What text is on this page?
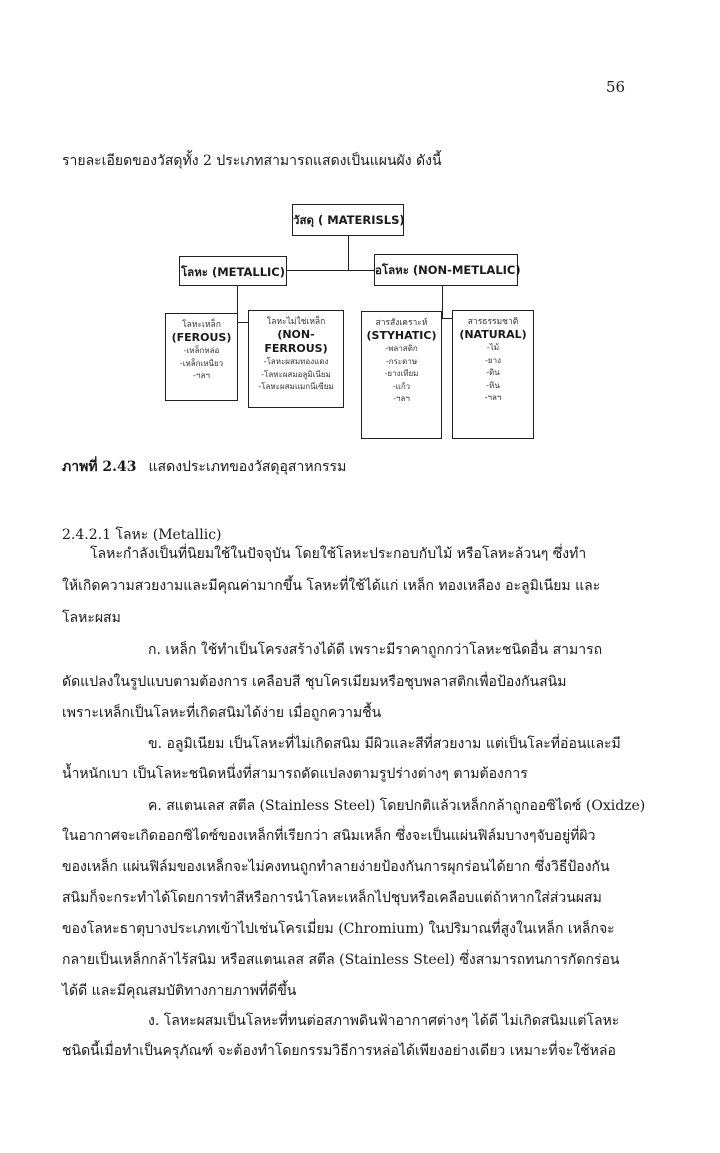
56
รายละเอียดของวัสดุทั้ง 2 ประเภทสามารถแสดงเป็นแผนผัง ดังนี้
วัสดุ ( MATERISLS)
โลหะ (METALLIC)	อโลหะ (NON-METLALIC)
โลหะเหล็ก
(FEROUS)
-เหล็กหล่อ
-เหล็กเหนียว
-ฯลฯ
โลหะไม่ใช่เหล็ก
(NON-FERROUS)
-โลหะผสมทองแดง
-โลหะผสมอลูมิเนียม
-โลหะผสมแมกนีเซียม
สารสังเคราะห์
(STYHATIC)
-พลาสติก
-กระดาษ
-ยางเทียม
-แก้ว
-ฯลฯ
สารธรรมชาติ
(NATURAL)
-ไม้
-ยาง
-ดิน
-หิน
-ฯลฯ
ภาพที่ 2.43 แสดงประเภทของวัสดุอุสาหกรรม
2.4.2.1 โลหะ (Metallic)
โลหะกำลังเป็นที่นิยมใช้ในปัจจุบัน โดยใช้โลหะประกอบกับไม้ หรือโลหะล้วนๆ ซึ่งทำ
ให้เกิดความสวยงามและมีคุณค่ามากขึ้น โลหะที่ใช้ได้แก่ เหล็ก ทองเหลือง อะลูมิเนียม และ
โลหะผสม
ก. เหล็ก ใช้ทำเป็นโครงสร้างได้ดี เพราะมีราคาถูกกว่าโลหะชนิดอื่น สามารถ
ดัดแปลงในรูปแบบตามต้องการ เคลือบสี ชุบโครเมียมหรือชุบพลาสติกเพื่อป้องกันสนิม
เพราะเหล็กเป็นโลหะที่เกิดสนิมได้ง่าย เมื่อถูกความชื้น
ข. อลูมิเนียม เป็นโลหะที่ไม่เกิดสนิม มีผิวและสีที่สวยงาม แต่เป็นโละที่อ่อนและมี
น้ำหนักเบา เป็นโลหะชนิดหนึ่งที่สามารถดัดแปลงตามรูปร่างต่างๆ ตามต้องการ
ค. สแตนเลส สตีล (Stainless Steel) โดยปกติแล้วเหล็กกล้าถูกออซิไดซ์ (Oxidze)
ในอากาศจะเกิดออกซิไดซ์ของเหล็กที่เรียกว่า สนิมเหล็ก ซึ่งจะเป็นแผ่นฟิล์มบางๆจับอยู่ที่ผิว
ของเหล็ก แผ่นฟิล์มของเหล็กจะไม่คงทนถูกทำลายง่ายป้องกันการผุกร่อนได้ยาก ซึ่งวิธีป้องกัน
สนิมก็จะกระทำได้โดยการทำสีหรือการนำโลหะเหล็กไปชุบหรือเคลือบแต่ถ้าหากใส่ส่วนผสม
ของโลหะธาตุบางประเภทเข้าไปเช่นโครเมี่ยม (Chromium) ในปริมาณที่สูงในเหล็ก เหล็กจะ
กลายเป็นเหล็กกล้าไร้สนิม หรือสแตนเลส สตีล (Stainless Steel) ซึ่งสามารถทนการกัดกร่อน
ได้ดี และมีคุณสมบัติทางกายภาพที่ดีขึ้น
ง. โลหะผสมเป็นโลหะที่ทนต่อสภาพดินฟ้าอากาศต่างๆ ได้ดี ไม่เกิดสนิมแต่โลหะ
ชนิดนี้เมื่อทำเป็นครุภัณฑ์ จะต้องทำโดยกรรมวิธีการหล่อได้เพียงอย่างเดียว เหมาะที่จะใช้หล่อ
